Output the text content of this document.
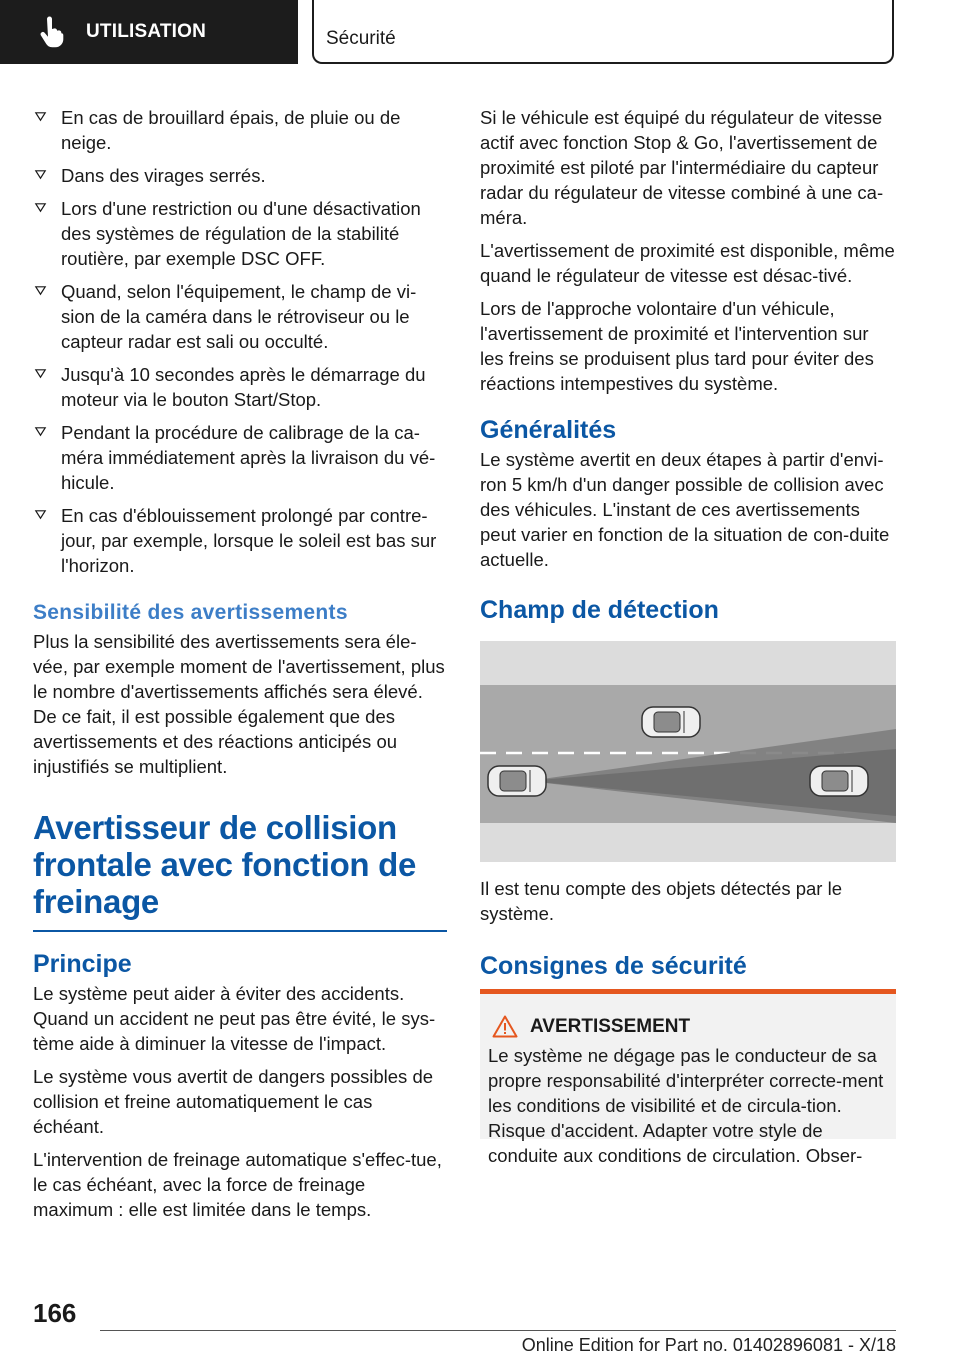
UTILISATION	Sécurité
En cas de brouillard épais, de pluie ou de neige.
Dans des virages serrés.
Lors d'une restriction ou d'une désactivation des systèmes de régulation de la stabilité routière, par exemple DSC OFF.
Quand, selon l'équipement, le champ de vi-sion de la caméra dans le rétroviseur ou le capteur radar est sali ou occulté.
Jusqu'à 10 secondes après le démarrage du moteur via le bouton Start/Stop.
Pendant la procédure de calibrage de la ca-méra immédiatement après la livraison du vé-hicule.
En cas d'éblouissement prolongé par contre-jour, par exemple, lorsque le soleil est bas sur l'horizon.
Sensibilité des avertissements

Plus la sensibilité des avertissements sera éle-vée, par exemple moment de l'avertissement, plus le nombre d'avertissements affichés sera élevé. De ce fait, il est possible également que des avertissements et des réactions anticipés ou injustifiés se multiplient.

Avertisseur de collision frontale avec fonction de freinage
Principe

Le système peut aider à éviter des accidents. Quand un accident ne peut pas être évité, le sys-tème aide à diminuer la vitesse de l'impact.

Le système vous avertit de dangers possibles de collision et freine automatiquement le cas échéant.

L'intervention de freinage automatique s'effec-tue, le cas échéant, avec la force de freinage maximum : elle est limitée dans le temps.

Si le véhicule est équipé du régulateur de vitesse actif avec fonction Stop & Go, l'avertissement de proximité est piloté par l'intermédiaire du capteur radar du régulateur de vitesse combiné à une ca-méra.

L'avertissement de proximité est disponible, même quand le régulateur de vitesse est désac-tivé.

Lors de l'approche volontaire d'un véhicule, l'avertissement de proximité et l'intervention sur les freins se produisent plus tard pour éviter des réactions intempestives du système.

Généralités

Le système avertit en deux étapes à partir d'envi-ron 5 km/h d'un danger possible de collision avec des véhicules. L'instant de ces avertissements peut varier en fonction de la situation de con-duite actuelle.

Champ de détection

Il est tenu compte des objets détectés par le système.

Consignes de sécurité
AVERTISSEMENT

Le système ne dégage pas le conducteur de sa propre responsabilité d'interpréter correcte-ment les conditions de visibilité et de circula-tion. Risque d'accident. Adapter votre style de conduite aux conditions de circulation. Obser-

166
Online Edition for Part no. 01402896081 - X/18
